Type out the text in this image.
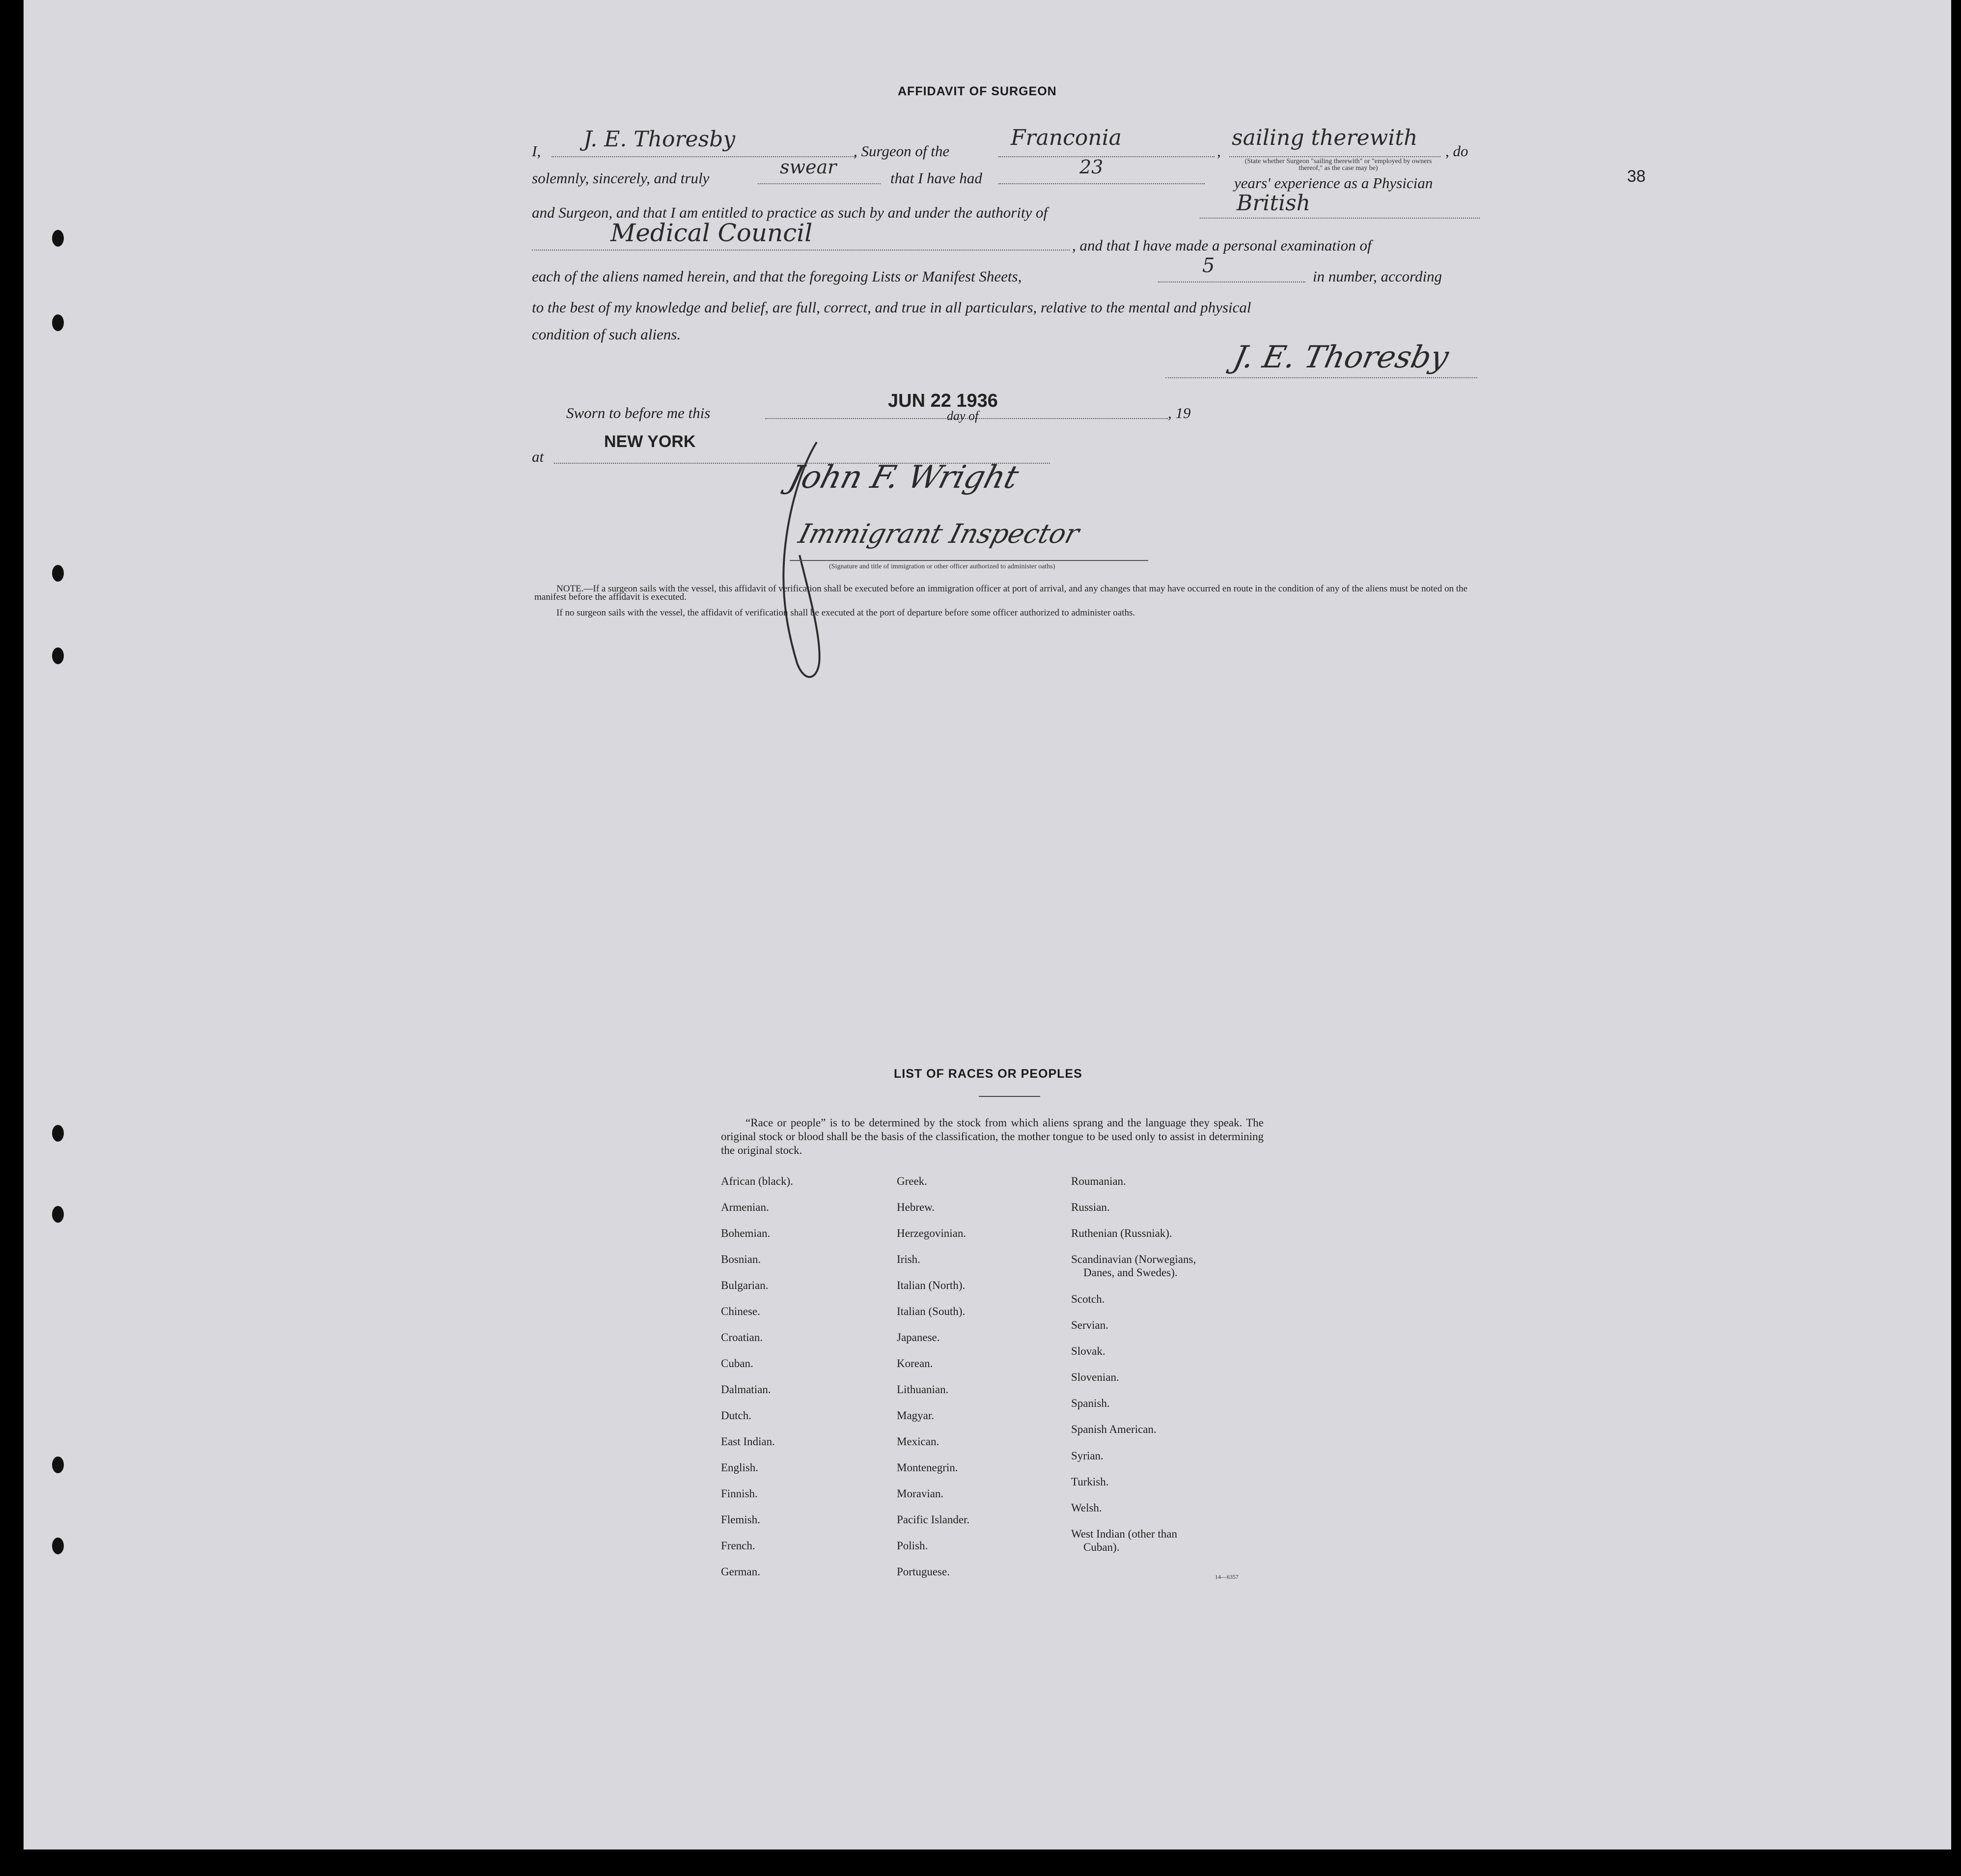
38
AFFIDAVIT OF SURGEON
I, J. E. Thoresby	, Surgeon of the
Franconia
,
sailing therewith
, do
(State whether Surgeon "sailing therewith" or "employed by owners thereof," as the case may be)
solemnly, sincerely, and truly
swear
that I have had
23
years' experience as a Physician
and Surgeon, and that I am entitled to practice as such by and under the authority of	British
Medical Council	, and that I have made a personal examination of
each of the aliens named herein, and that the foregoing Lists or Manifest Sheets,	5	in number, according
to the best of my knowledge and belief, are full, correct, and true in all particulars, relative to the mental and physical
condition of such aliens.
J. E. Thoresby
Sworn to before me this
JUN 22 1936
day of	, 19
NEW YORK
at
John F. Wright
Immigrant Inspector
(Signature and title of immigration or other officer authorized to administer oaths)
NOTE.—If a surgeon sails with the vessel, this affidavit of verification shall be executed before an immigration officer at port of arrival, and any changes that may have occurred en route in the condition of any of the aliens must be noted on the manifest before the affidavit is executed.
If no surgeon sails with the vessel, the affidavit of verification shall be executed at the port of departure before some officer authorized to administer oaths.
LIST OF RACES OR PEOPLES
“Race or people” is to be determined by the stock from which aliens sprang and the language they speak. The original stock or blood shall be the basis of the classification, the mother tongue to be used only to assist in determining the original stock.
African (black).
Armenian.
Bohemian.
Bosnian.
Bulgarian.
Chinese.
Croatian.
Cuban.
Dalmatian.
Dutch.
East Indian.
English.
Finnish.
Flemish.
French.
German.
Greek.
Hebrew.
Herzegovinian.
Irish.
Italian (North).
Italian (South).
Japanese.
Korean.
Lithuanian.
Magyar.
Mexican.
Montenegrin.
Moravian.
Pacific Islander.
Polish.
Portuguese.
Roumanian.
Russian.
Ruthenian (Russniak).
Scandinavian (Norwegians,
Danes, and Swedes).
Scotch.
Servian.
Slovak.
Slovenian.
Spanish.
Spanish American.
Syrian.
Turkish.
Welsh.
West Indian (other than
Cuban).
14—6357
